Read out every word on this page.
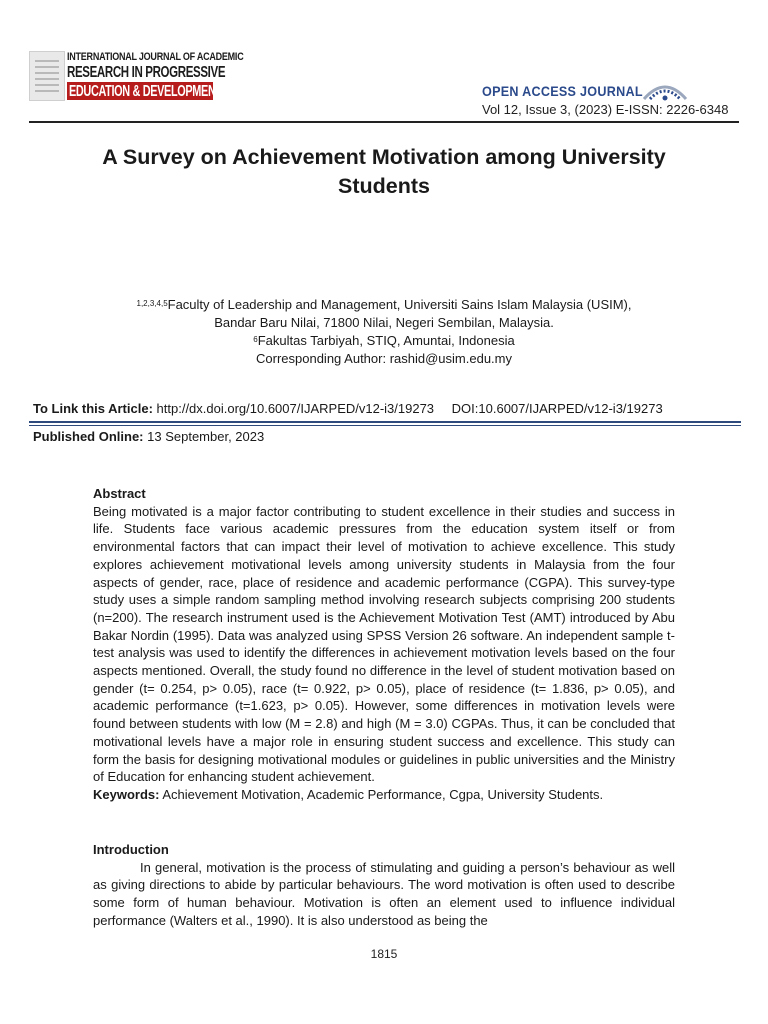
INTERNATIONAL JOURNAL OF ACADEMIC
RESEARCH IN PROGRESSIVE
EDUCATION & DEVELOPMENT	OPEN ACCESS JOURNAL
Vol 12, Issue 3, (2023) E-ISSN: 2226-6348
A Survey on Achievement Motivation among University Students
$^{1,2,3,4,5}$Faculty of Leadership and Management, Universiti Sains Islam Malaysia (USIM),
Bandar Baru Nilai, 71800 Nilai, Negeri Sembilan, Malaysia.
$^6$Fakultas Tarbiyah, STIQ, Amuntai, Indonesia
Corresponding Author: rashid@usim.edu.my
To Link this Article: http://dx.doi.org/10.6007/IJARPED/v12-i3/19273 DOI:10.6007/IJARPED/v12-i3/19273
Published Online: 13 September, 2023
Abstract
Being motivated is a major factor contributing to student excellence in their studies and success in life. Students face various academic pressures from the education system itself or from environmental factors that can impact their level of motivation to achieve excellence. This study explores achievement motivational levels among university students in Malaysia from the four aspects of gender, race, place of residence and academic performance (CGPA). This survey-type study uses a simple random sampling method involving research subjects comprising 200 students (n=200). The research instrument used is the Achievement Motivation Test (AMT) introduced by Abu Bakar Nordin (1995). Data was analyzed using SPSS Version 26 software. An independent sample t-test analysis was used to identify the differences in achievement motivation levels based on the four aspects mentioned. Overall, the study found no difference in the level of student motivation based on gender (t= 0.254, p> 0.05), race (t= 0.922, p> 0.05), place of residence (t= 1.836, p> 0.05), and academic performance (t=1.623, p> 0.05). However, some differences in motivation levels were found between students with low (M = 2.8) and high (M = 3.0) CGPAs. Thus, it can be concluded that motivational levels have a major role in ensuring student success and excellence. This study can form the basis for designing motivational modules or guidelines in public universities and the Ministry of Education for enhancing student achievement.
Keywords: Achievement Motivation, Academic Performance, Cgpa, University Students.
Introduction
In general, motivation is the process of stimulating and guiding a person’s behaviour as well as giving directions to abide by particular behaviours. The word motivation is often used to describe some form of human behaviour. Motivation is often an element used to influence individual performance (Walters et al., 1990). It is also understood as being the
1815
